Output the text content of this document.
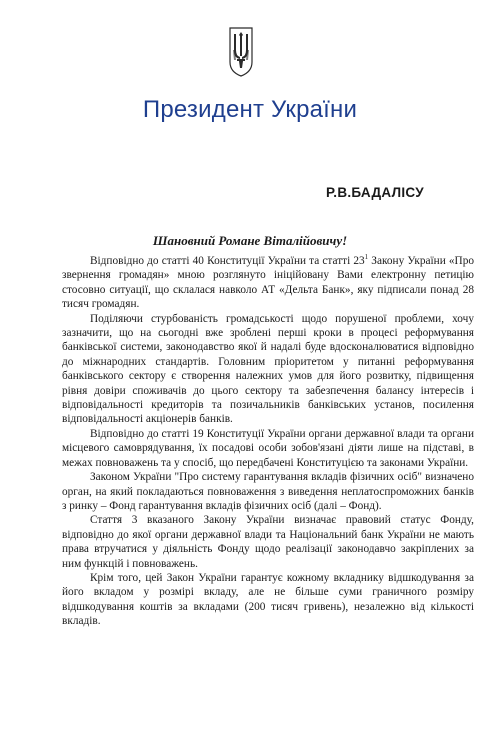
Президент України
Р.В.БАДАЛІСУ
Шановний Романе Віталійовичу!

Відповідно до статті 40 Конституції України та статті $23^1$ Закону України «Про звернення громадян» мною розглянуто ініційовану Вами електронну петицію стосовно ситуації, що склалася навколо АТ «Дельта Банк», яку підписали понад 28 тисяч громадян.

Поділяючи стурбованість громадськості щодо порушеної проблеми, хочу зазначити, що на сьогодні вже зроблені перші кроки в процесі реформування банківської системи, законодавство якої й надалі буде вдосконалюватися відповідно до міжнародних стандартів. Головним пріоритетом у питанні реформування банківського сектору є створення належних умов для його розвитку, підвищення рівня довіри споживачів до цього сектору та забезпечення балансу інтересів і відповідальності кредиторів та позичальників банківських установ, посилення відповідальності акціонерів банків.

Відповідно до статті 19 Конституції України органи державної влади та органи місцевого самоврядування, їх посадові особи зобов'язані діяти лише на підставі, в межах повноважень та у спосіб, що передбачені Конституцією та законами України.

Законом України "Про систему гарантування вкладів фізичних осіб" визначено орган, на який покладаються повноваження з виведення неплатоспроможних банків з ринку – Фонд гарантування вкладів фізичних осіб (далі – Фонд).

Стаття 3 вказаного Закону України визначає правовий статус Фонду, відповідно до якої органи державної влади та Національний банк України не мають права втручатися у діяльність Фонду щодо реалізації законодавчо закріплених за ним функцій і повноважень.

Крім того, цей Закон України гарантує кожному вкладнику відшкодування за його вкладом у розмірі вкладу, але не більше суми граничного розміру відшкодування коштів за вкладами (200 тисяч гривень), незалежно від кількості вкладів.
